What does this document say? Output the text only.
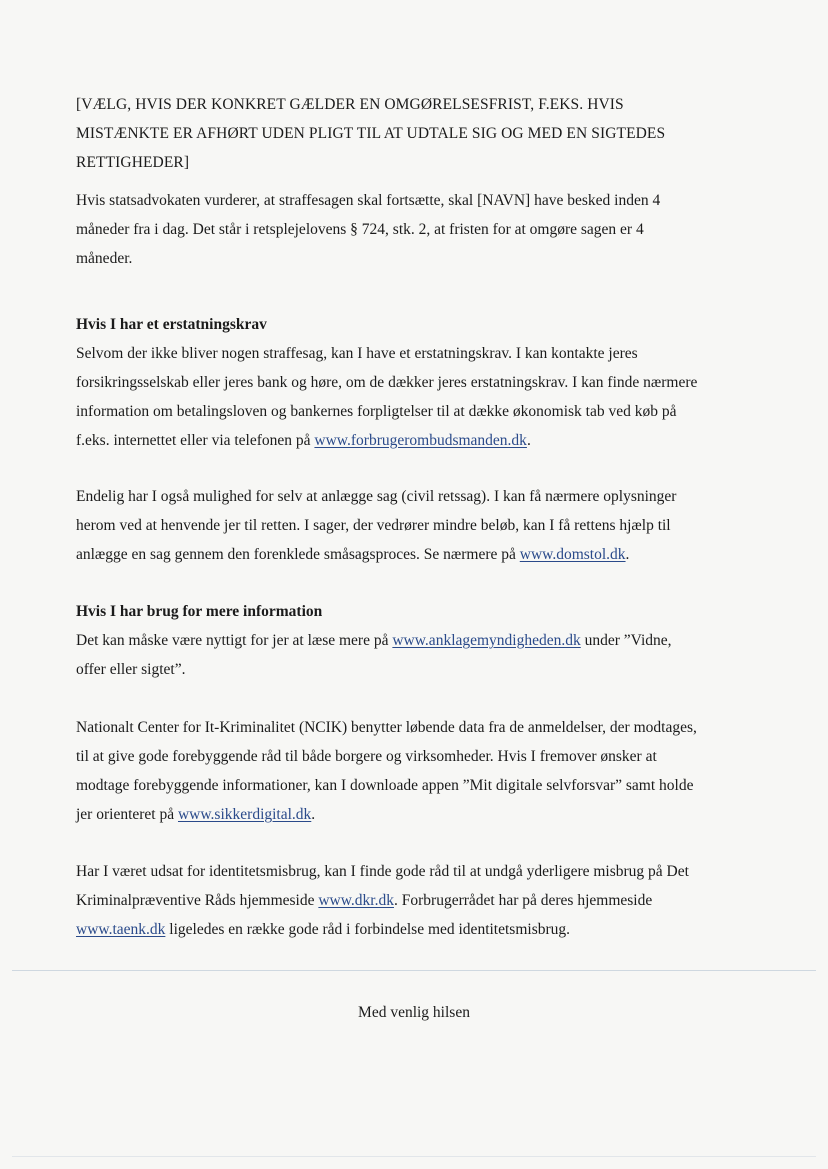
[VÆLG, HVIS DER KONKRET GÆLDER EN OMGØRELSESFRIST, F.EKS. HVIS
MISTÆNKTE ER AFHØRT UDEN PLIGT TIL AT UDTALE SIG OG MED EN SIGTEDES
RETTIGHEDER]
Hvis statsadvokaten vurderer, at straffesagen skal fortsætte, skal [NAVN] have besked inden 4
måneder fra i dag. Det står i retsplejelovens § 724, stk. 2, at fristen for at omgøre sagen er 4
måneder.
Hvis I har et erstatningskrav
Selvom der ikke bliver nogen straffesag, kan I have et erstatningskrav. I kan kontakte jeres
forsikringsselskab eller jeres bank og høre, om de dækker jeres erstatningskrav. I kan finde nærmere
information om betalingsloven og bankernes forpligtelser til at dække økonomisk tab ved køb på
f.eks. internettet eller via telefonen på www.forbrugerombudsmanden.dk.
Endelig har I også mulighed for selv at anlægge sag (civil retssag). I kan få nærmere oplysninger
herom ved at henvende jer til retten. I sager, der vedrører mindre beløb, kan I få rettens hjælp til
anlægge en sag gennem den forenklede småsagsproces. Se nærmere på www.domstol.dk.
Hvis I har brug for mere information
Det kan måske være nyttigt for jer at læse mere på www.anklagemyndigheden.dk under ”Vidne,
offer eller sigtet”.
Nationalt Center for It-Kriminalitet (NCIK) benytter løbende data fra de anmeldelser, der modtages,
til at give gode forebyggende råd til både borgere og virksomheder. Hvis I fremover ønsker at
modtage forebyggende informationer, kan I downloade appen ”Mit digitale selvforsvar” samt holde
jer orienteret på www.sikkerdigital.dk.
Har I været udsat for identitetsmisbrug, kan I finde gode råd til at undgå yderligere misbrug på Det
Kriminalpræventive Råds hjemmeside www.dkr.dk. Forbrugerrådet har på deres hjemmeside
www.taenk.dk ligeledes en række gode råd i forbindelse med identitetsmisbrug.
Med venlig hilsen
